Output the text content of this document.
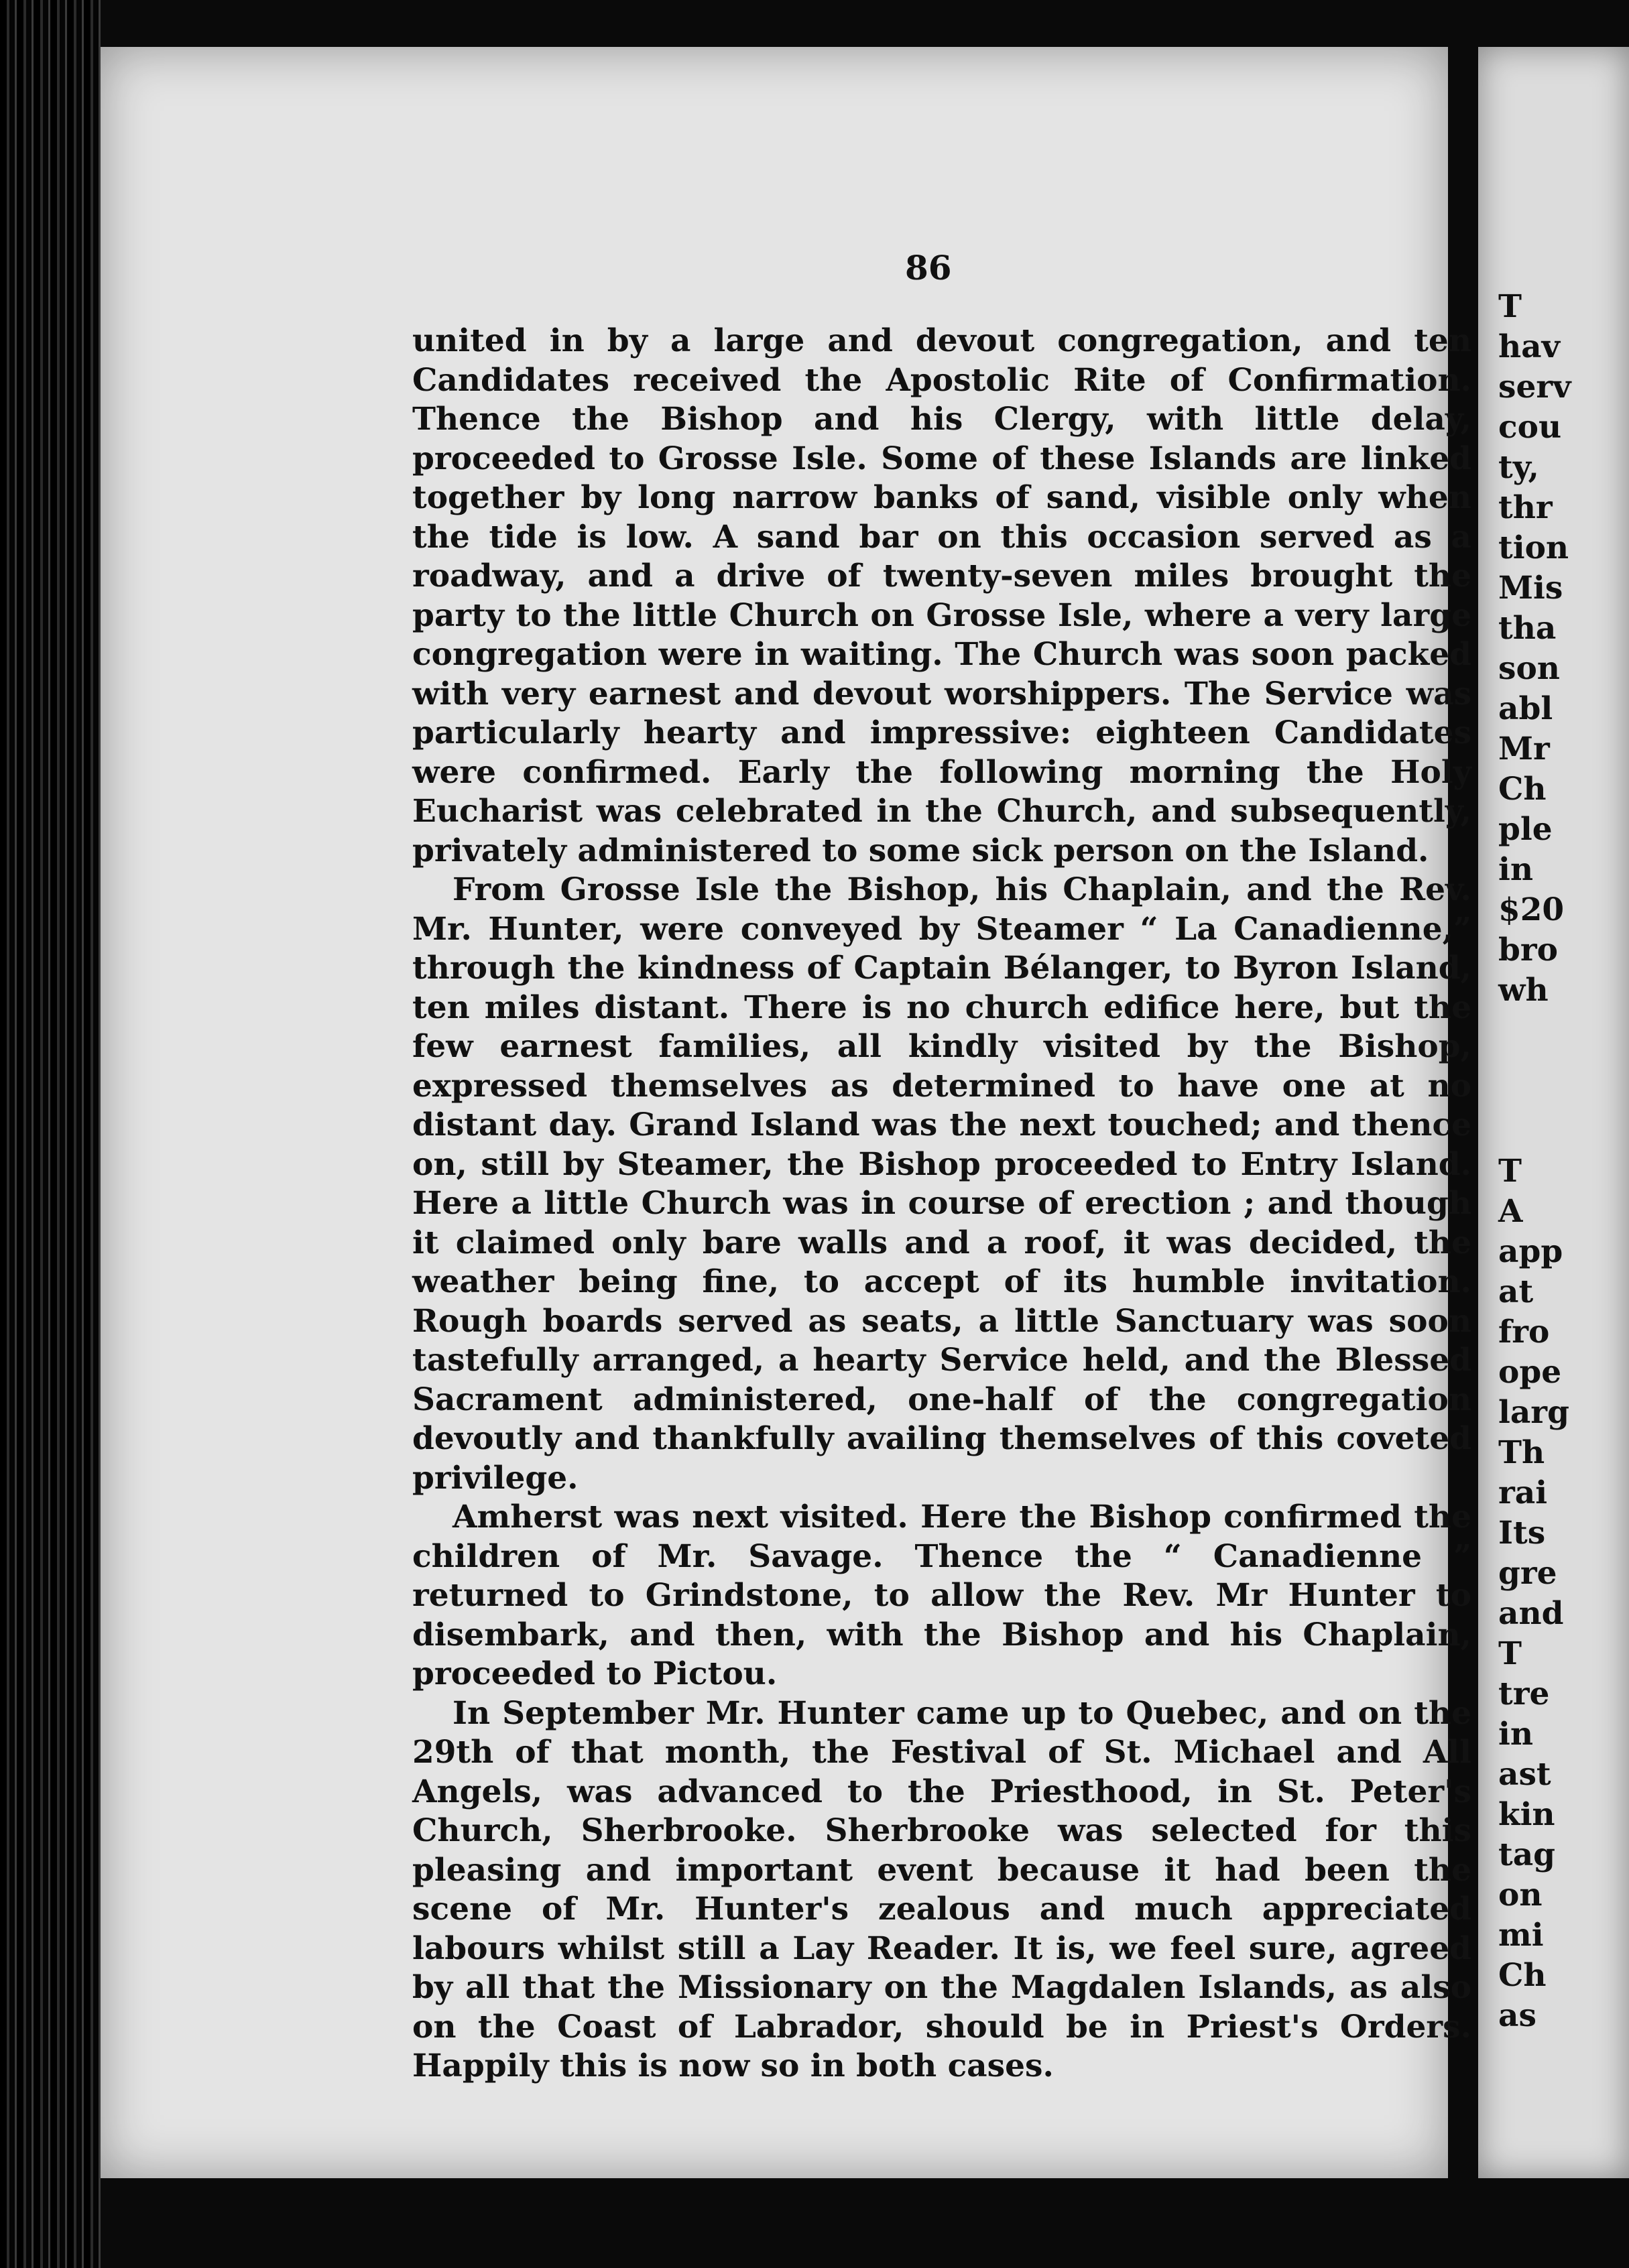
86

united in by a large and devout congregation, and ten Candidates received the Apostolic Rite of Confirmation. Thence the Bishop and his Clergy, with little delay, proceeded to Grosse Isle. Some of these Islands are linked together by long narrow banks of sand, visible only when the tide is low. A sand bar on this occasion served as a roadway, and a drive of twenty-seven miles brought the party to the little Church on Grosse Isle, where a very large congregation were in waiting. The Church was soon packed with very earnest and devout worshippers. The Service was particularly hearty and impressive: eighteen Candidates were confirmed. Early the following morning the Holy Eucharist was celebrated in the Church, and subsequently, privately administered to some sick person on the Island.

From Grosse Isle the Bishop, his Chaplain, and the Rev. Mr. Hunter, were conveyed by Steamer “ La Canadienne,” through the kindness of Captain Bélanger, to Byron Island, ten miles distant. There is no church edifice here, but the few earnest families, all kindly visited by the Bishop, expressed themselves as determined to have one at no distant day. Grand Island was the next touched; and thence on, still by Steamer, the Bishop proceeded to Entry Island. Here a little Church was in course of erection ; and though it claimed only bare walls and a roof, it was decided, the weather being fine, to accept of its humble invitation. Rough boards served as seats, a little Sanctuary was soon tastefully arranged, a hearty Service held, and the Blessed Sacrament administered, one-half of the congregation devoutly and thankfully availing themselves of this coveted privilege.

Amherst was next visited. Here the Bishop confirmed the children of Mr. Savage. Thence the “ Canadienne ” returned to Grindstone, to allow the Rev. Mr Hunter to disembark, and then, with the Bishop and his Chaplain, proceeded to Pictou.

In September Mr. Hunter came up to Quebec, and on the 29th of that month, the Festival of St. Michael and All Angels, was advanced to the Priesthood, in St. Peter's Church, Sherbrooke. Sherbrooke was selected for this pleasing and important event because it had been the scene of Mr. Hunter's zealous and much appreciated labours whilst still a Lay Reader. It is, we feel sure, agreed by all that the Missionary on the Magdalen Islands, as also on the Coast of Labrador, should be in Priest's Orders. Happily this is now so in both cases.

T
hav
serv
cou
ty,
thr
tion
Mis
tha
son
abl
Mr
Ch
ple
in
$20
bro
wh
T
A
app
at
fro
ope
larg
Th
rai
Its
gre
and
T
tre
in
ast
kin
tag
on
mi
Ch
as
